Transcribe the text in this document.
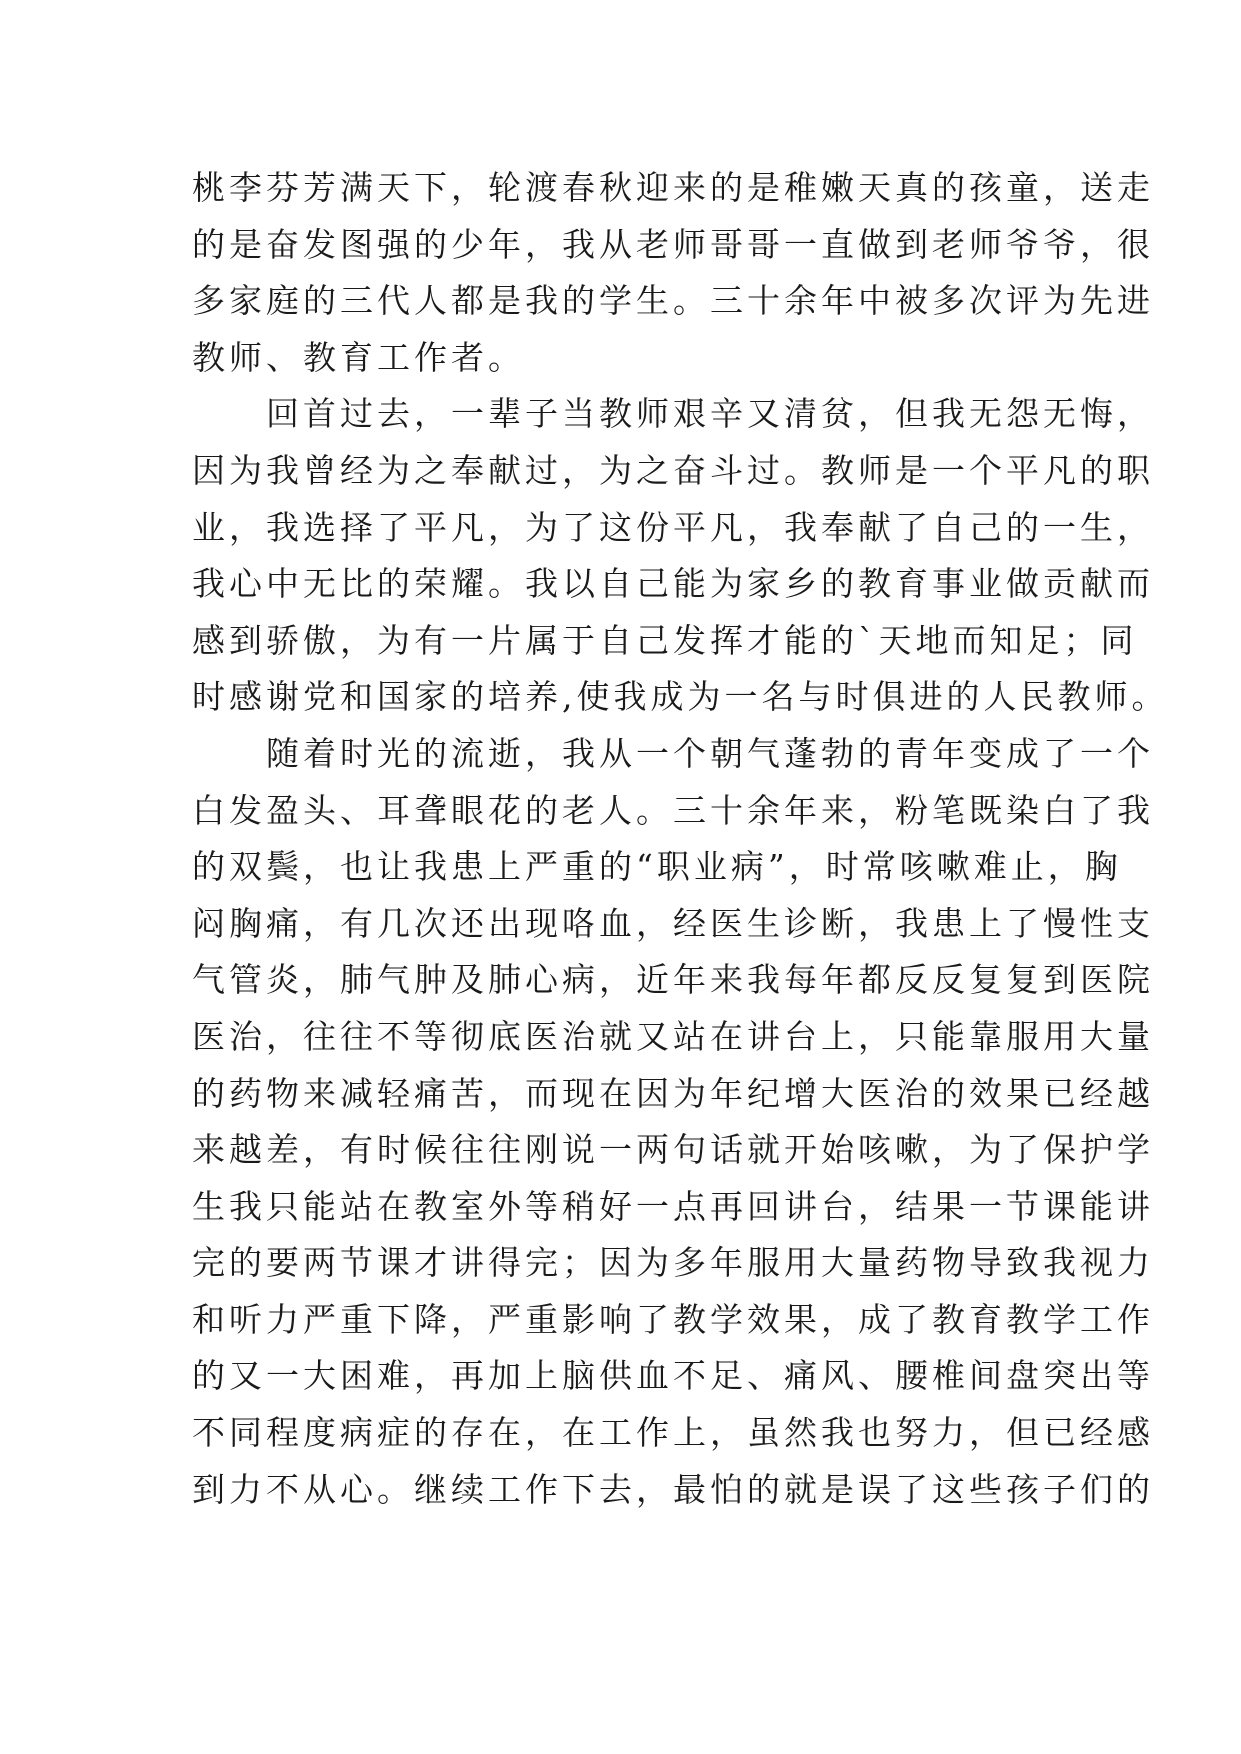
桃李芬芳满天下，轮渡春秋迎来的是稚嫩天真的孩童，送走
的是奋发图强的少年，我从老师哥哥一直做到老师爷爷，很
多家庭的三代人都是我的学生。三十余年中被多次评为先进
教师、教育工作者。
　　回首过去，一辈子当教师艰辛又清贫，但我无怨无悔，
因为我曾经为之奉献过，为之奋斗过。教师是一个平凡的职
业，我选择了平凡，为了这份平凡，我奉献了自己的一生，
我心中无比的荣耀。我以自己能为家乡的教育事业做贡献而
感到骄傲，为有一片属于自己发挥才能的`天地而知足；同
时感谢党和国家的培养,使我成为一名与时俱进的人民教师。
　　随着时光的流逝，我从一个朝气蓬勃的青年变成了一个
白发盈头、耳聋眼花的老人。三十余年来，粉笔既染白了我
的双鬓，也让我患上严重的“职业病”，时常咳嗽难止，胸
闷胸痛，有几次还出现咯血，经医生诊断，我患上了慢性支
气管炎，肺气肿及肺心病，近年来我每年都反反复复到医院
医治，往往不等彻底医治就又站在讲台上，只能靠服用大量
的药物来减轻痛苦，而现在因为年纪增大医治的效果已经越
来越差，有时候往往刚说一两句话就开始咳嗽，为了保护学
生我只能站在教室外等稍好一点再回讲台，结果一节课能讲
完的要两节课才讲得完；因为多年服用大量药物导致我视力
和听力严重下降，严重影响了教学效果，成了教育教学工作
的又一大困难，再加上脑供血不足、痛风、腰椎间盘突出等
不同程度病症的存在，在工作上，虽然我也努力，但已经感
到力不从心。继续工作下去，最怕的就是误了这些孩子们的
